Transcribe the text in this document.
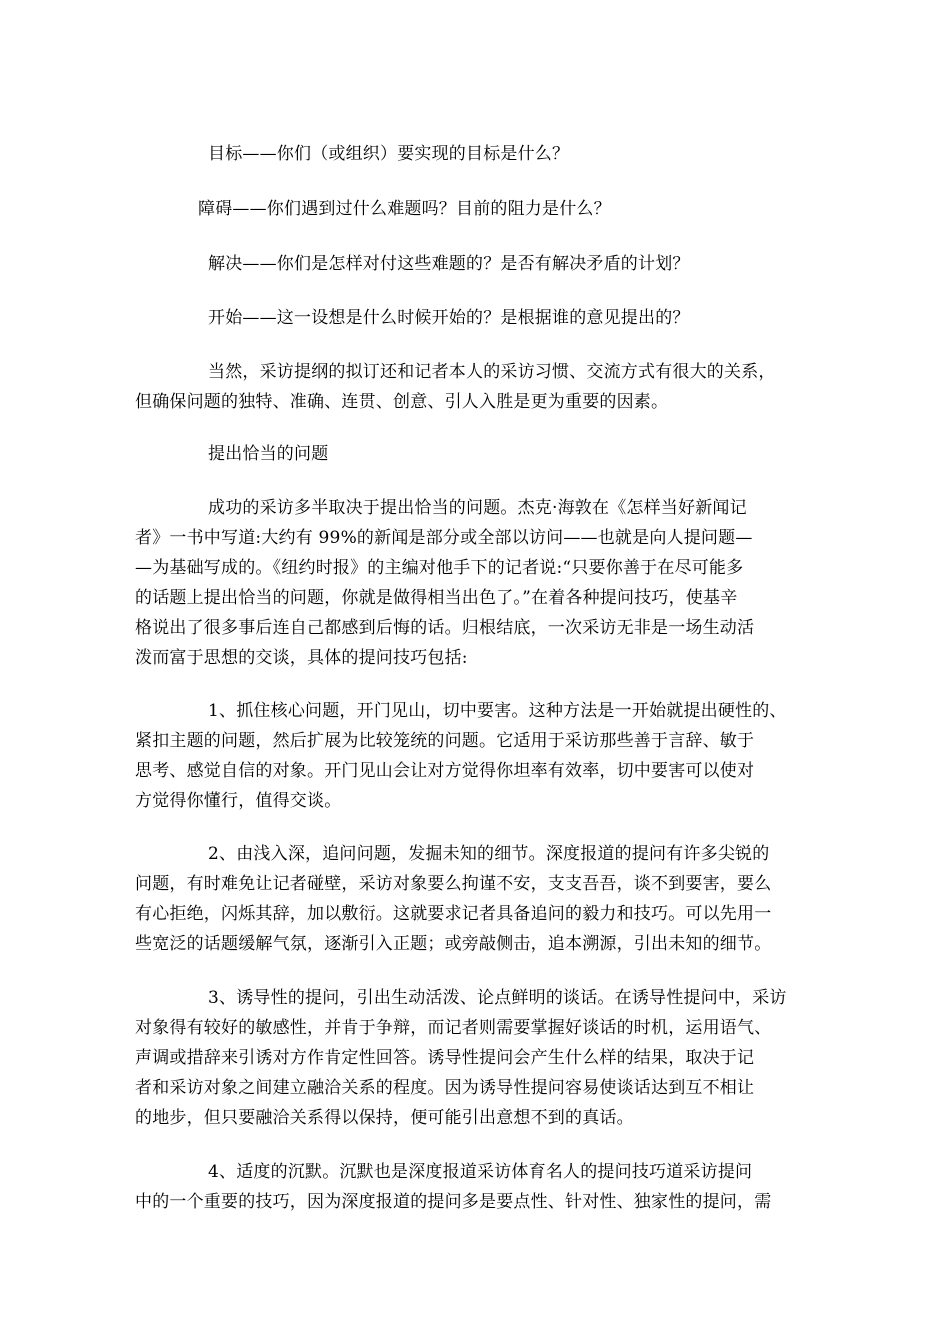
目标——你们（或组织）要实现的目标是什么？
障碍——你们遇到过什么难题吗？目前的阻力是什么？
解决——你们是怎样对付这些难题的？是否有解决矛盾的计划？
开始——这一设想是什么时候开始的？是根据谁的意见提出的？
当然，采访提纲的拟订还和记者本人的采访习惯、交流方式有很大的关系，
但确保问题的独特、准确、连贯、创意、引人入胜是更为重要的因素。
提出恰当的问题
成功的采访多半取决于提出恰当的问题。杰克·海敦在《怎样当好新闻记
者》一书中写道:大约有 99%的新闻是部分或全部以访问——也就是向人提问题—
—为基础写成的。《纽约时报》的主编对他手下的记者说:“只要你善于在尽可能多
的话题上提出恰当的问题，你就是做得相当出色了。”在着各种提问技巧，使基辛
格说出了很多事后连自己都感到后悔的话。归根结底，一次采访无非是一场生动活
泼而富于思想的交谈，具体的提问技巧包括:
1、抓住核心问题，开门见山，切中要害。这种方法是一开始就提出硬性的、
紧扣主题的问题，然后扩展为比较笼统的问题。它适用于采访那些善于言辞、敏于
思考、感觉自信的对象。开门见山会让对方觉得你坦率有效率，切中要害可以使对
方觉得你懂行，值得交谈。
2、由浅入深，追问问题，发掘未知的细节。深度报道的提问有许多尖锐的
问题，有时难免让记者碰壁，采访对象要么拘谨不安，支支吾吾，谈不到要害，要么
有心拒绝，闪烁其辞，加以敷衍。这就要求记者具备追问的毅力和技巧。可以先用一
些宽泛的话题缓解气氛，逐渐引入正题；或旁敲侧击，追本溯源，引出未知的细节。
3、诱导性的提问，引出生动活泼、论点鲜明的谈话。在诱导性提问中，采访
对象得有较好的敏感性，并肯于争辩，而记者则需要掌握好谈话的时机，运用语气、
声调或措辞来引诱对方作肯定性回答。诱导性提问会产生什么样的结果，取决于记
者和采访对象之间建立融洽关系的程度。因为诱导性提问容易使谈话达到互不相让
的地步，但只要融洽关系得以保持，便可能引出意想不到的真话。
4、适度的沉默。沉默也是深度报道采访体育名人的提问技巧道采访提问
中的一个重要的技巧，因为深度报道的提问多是要点性、针对性、独家性的提问，需
